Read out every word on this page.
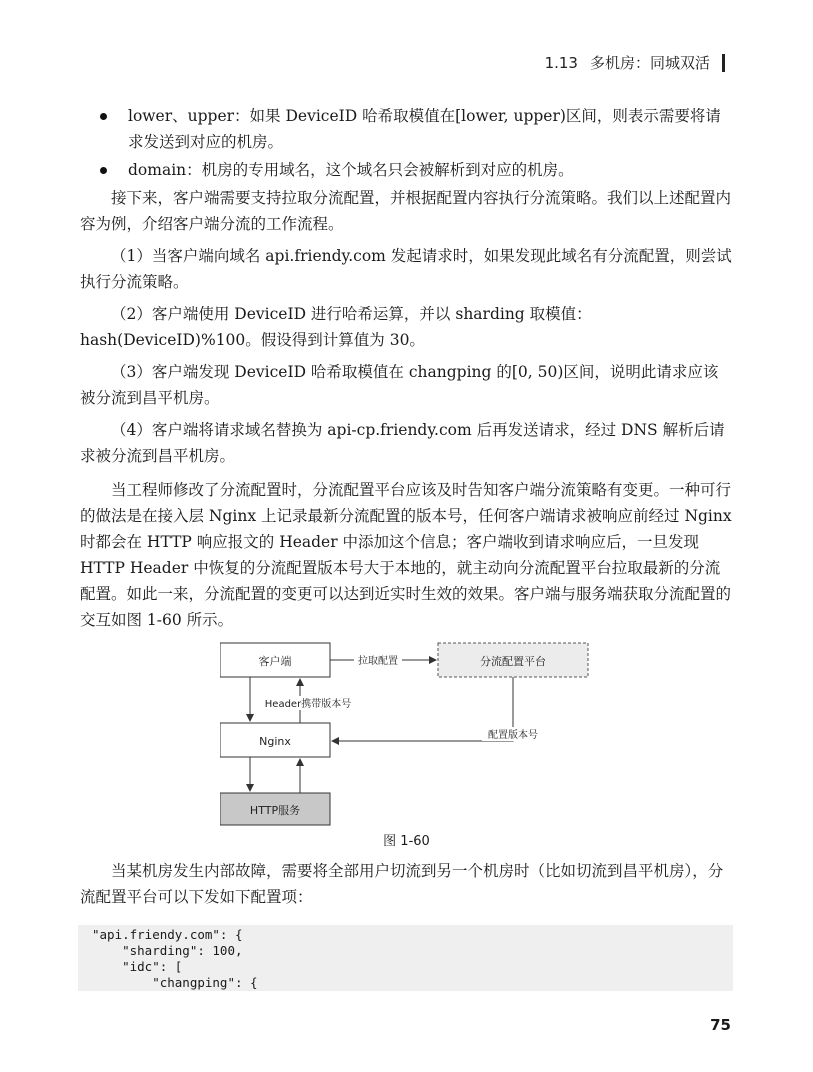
1.13 多机房：同城双活
lower、upper：如果 DeviceID 哈希取模值在[lower, upper)区间，则表示需要将请求发送到对应的机房。
domain：机房的专用域名，这个域名只会被解析到对应的机房。

接下来，客户端需要支持拉取分流配置，并根据配置内容执行分流策略。我们以上述配置内容为例，介绍客户端分流的工作流程。

（1）当客户端向域名 api.friendy.com 发起请求时，如果发现此域名有分流配置，则尝试执行分流策略。

（2）客户端使用 DeviceID 进行哈希运算，并以 sharding 取模值：hash(DeviceID)%100。假设得到计算值为 30。

（3）客户端发现 DeviceID 哈希取模值在 changping 的[0, 50)区间，说明此请求应该被分流到昌平机房。

（4）客户端将请求域名替换为 api-cp.friendy.com 后再发送请求，经过 DNS 解析后请求被分流到昌平机房。

当工程师修改了分流配置时，分流配置平台应该及时告知客户端分流策略有变更。一种可行的做法是在接入层 Nginx 上记录最新分流配置的版本号，任何客户端请求被响应前经过 Nginx 时都会在 HTTP 响应报文的 Header 中添加这个信息；客户端收到请求响应后，一旦发现 HTTP Header 中恢复的分流配置版本号大于本地的，就主动向分流配置平台拉取最新的分流配置。如此一来，分流配置的变更可以达到近实时生效的效果。客户端与服务端获取分流配置的交互如图 1-60 所示。

客户端	分流配置平台
Nginx
HTTP服务
拉取配置
Header携带版本号
配置版本号
图 1-60

当某机房发生内部故障，需要将全部用户切流到另一个机房时（比如切流到昌平机房），分流配置平台可以下发如下配置项：

"api.friendy.com": {
"sharding": 100,
"idc": [
"changping": {
75
